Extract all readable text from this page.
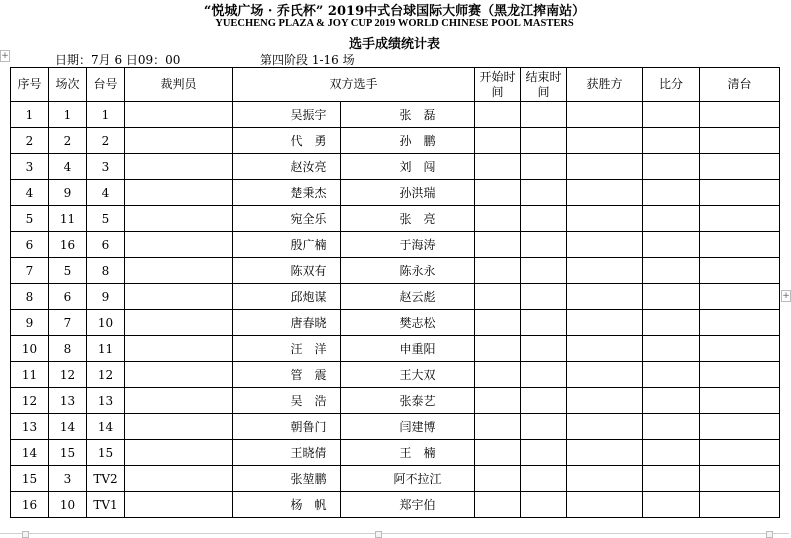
“悦城广场 · 乔氏杯” 2019中式台球国际大师赛（黑龙江搾南站）
YUECHENG PLAZA & JOY CUP 2019 WORLD CHINESE POOL MASTERS
选手成绩统计表
+
+
日期：7月 6 日09：00	第四阶段 1-16 场
序号	场次	台号	裁判员	双方选手		开始时间	结束时间	获胜方	比分	清台
1	1	1		吴振宇	张　磊					
2	2	2		代　勇	孙　鹏					
3	4	3		赵汝亮	刘　闯					
4	9	4		楚秉杰	孙洪瑞					
5	11	5		宛全乐	张　亮					
6	16	6		殷广楠	于海涛					
7	5	8		陈双有	陈永永					
8	6	9		邱炮谋	赵云彪					
9	7	10		唐春晓	樊志松					
10	8	11		汪　洋	申重阳					
11	12	12		管　震	王大双					
12	13	13		吴　浩	张泰艺					
13	14	14		朝鲁门	闫建博					
14	15	15		王晓倩	王　楠					
15	3	TV2		张堃鹏	阿不拉江					
16	10	TV1		杨　帆	郑宇伯					
